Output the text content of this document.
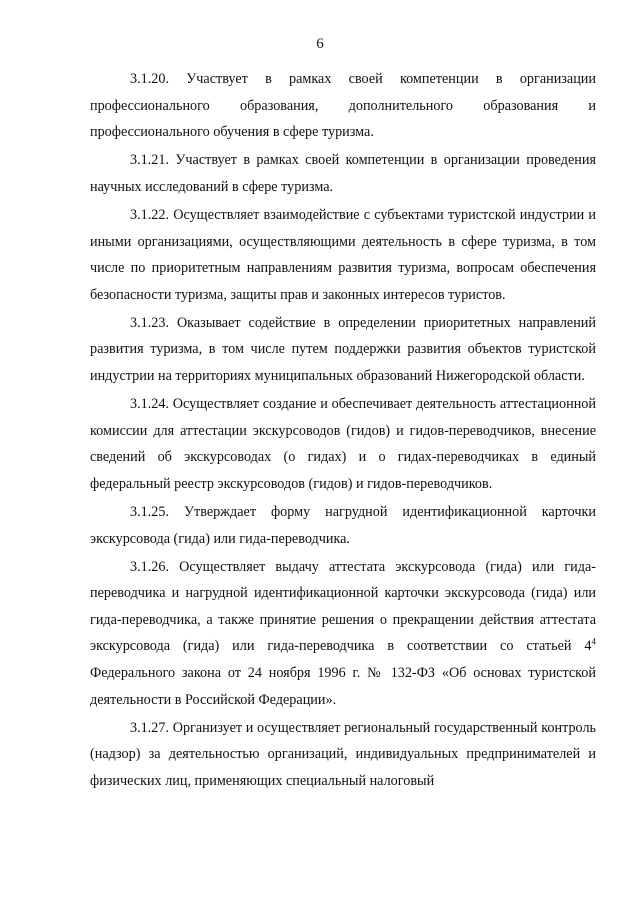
6

3.1.20. Участвует в рамках своей компетенции в организации профессионального образования, дополнительного образования и профессионального обучения в сфере туризма.

3.1.21. Участвует в рамках своей компетенции в организации проведения научных исследований в сфере туризма.

3.1.22. Осуществляет взаимодействие с субъектами туристской индустрии и иными организациями, осуществляющими деятельность в сфере туризма, в том числе по приоритетным направлениям развития туризма, вопросам обеспечения безопасности туризма, защиты прав и законных интересов туристов.

3.1.23. Оказывает содействие в определении приоритетных направлений развития туризма, в том числе путем поддержки развития объектов туристской индустрии на территориях муниципальных образований Нижегородской области.

3.1.24. Осуществляет создание и обеспечивает деятельность аттестационной комиссии для аттестации экскурсоводов (гидов) и гидов-переводчиков, внесение сведений об экскурсоводах (о гидах) и о гидах-переводчиках в единый федеральный реестр экскурсоводов (гидов) и гидов-переводчиков.

3.1.25. Утверждает форму нагрудной идентификационной карточки экскурсовода (гида) или гида-переводчика.

3.1.26. Осуществляет выдачу аттестата экскурсовода (гида) или гида-переводчика и нагрудной идентификационной карточки экскурсовода (гида) или гида-переводчика, а также принятие решения о прекращении действия аттестата экскурсовода (гида) или гида-переводчика в соответствии со статьей $4^4$ Федерального закона от 24 ноября 1996 г. № 132-ФЗ «Об основах туристской деятельности в Российской Федерации».

3.1.27. Организует и осуществляет региональный государственный контроль (надзор) за деятельностью организаций, индивидуальных предпринимателей и физических лиц, применяющих специальный налоговый
